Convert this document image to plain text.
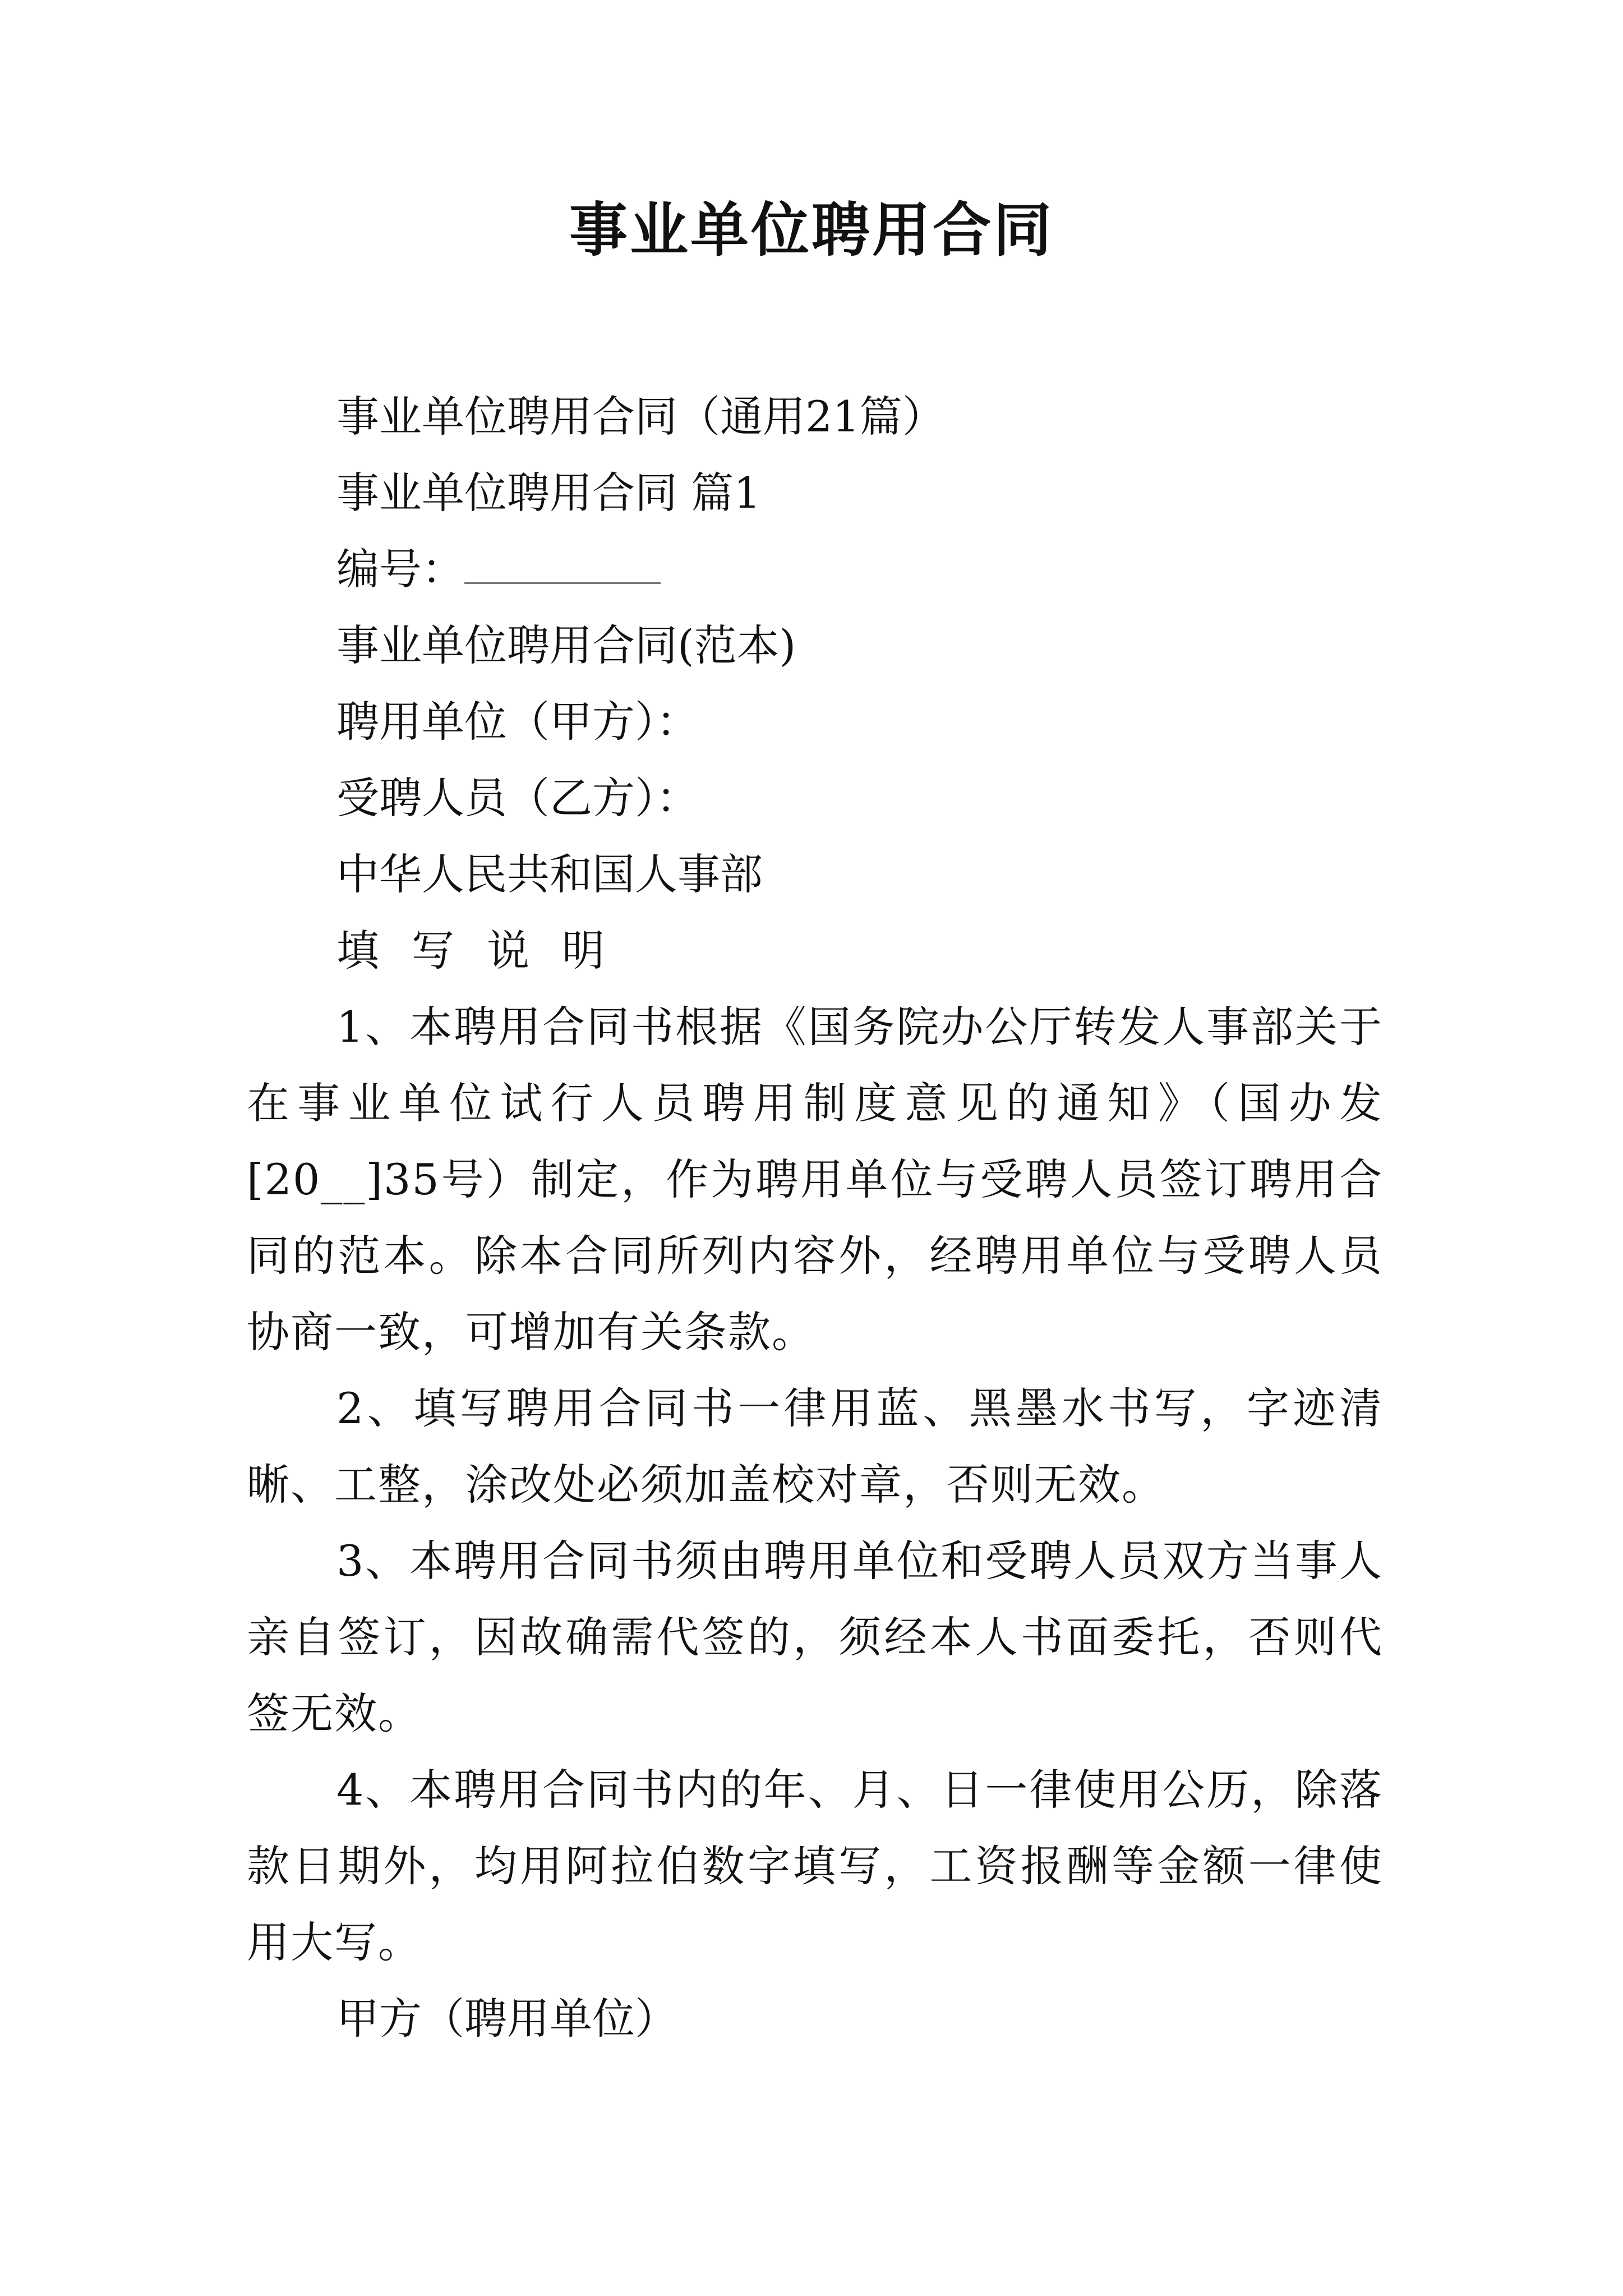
事业单位聘用合同
事业单位聘用合同（通用21篇）
事业单位聘用合同 篇1
编号：
事业单位聘用合同(范本)
聘用单位（甲方）：
受聘人员（乙方）：
中华人民共和国人事部
填写说明
1、本聘用合同书根据《国务院办公厅转发人事部关于在事业单位试行人员聘用制度意见的通知》（国办发[20__]35号）制定，作为聘用单位与受聘人员签订聘用合同的范本。除本合同所列内容外，经聘用单位与受聘人员协商一致，可增加有关条款。
2、填写聘用合同书一律用蓝、黑墨水书写，字迹清晰、工整，涂改处必须加盖校对章，否则无效。
3、本聘用合同书须由聘用单位和受聘人员双方当事人亲自签订，因故确需代签的，须经本人书面委托，否则代签无效。
4、本聘用合同书内的年、月、日一律使用公历，除落款日期外，均用阿拉伯数字填写，工资报酬等金额一律使用大写。
甲方（聘用单位）
